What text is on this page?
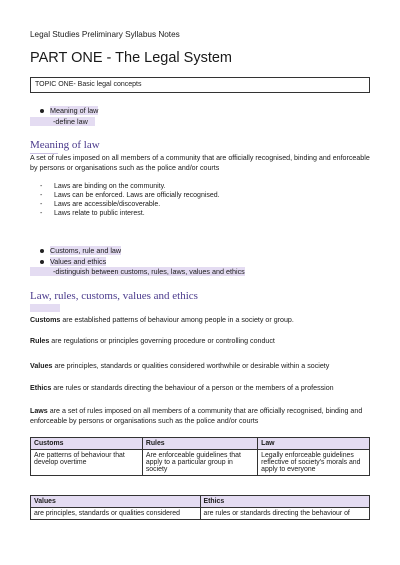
Legal Studies Preliminary Syllabus Notes
PART ONE - The Legal System
TOPIC ONE- Basic legal concepts
Meaning of law
-define law
Meaning of law
A set of rules imposed on all members of a community that are officially recognised, binding and enforceable by persons or organisations such as the police and/or courts
- Laws are binding on the community.
- Laws can be enforced. Laws are officially recognised.
- Laws are accessible/discoverable.
- Laws relate to public interest.
Customs, rule and law
Values and ethics
-distinguish between customs, rules, laws, values and ethics
Law, rules, customs, values and ethics
Customs are established patterns of behaviour among people in a society or group.
Rules are regulations or principles governing procedure or controlling conduct
Values are principles, standards or qualities considered worthwhile or desirable within a society
Ethics are rules or standards directing the behaviour of a person or the members of a profession
Laws are a set of rules imposed on all members of a community that are officially recognised, binding and enforceable by persons or organisations such as the police and/or courts
Customs	Rules	Law
Are patterns of behaviour that develop overtime	Are enforceable guidelines that apply to a particular group in society	Legally enforceable guidelines reflective of society's morals and apply to everyone
Values	Ethics
are principles, standards or qualities considered	are rules or standards directing the behaviour of
